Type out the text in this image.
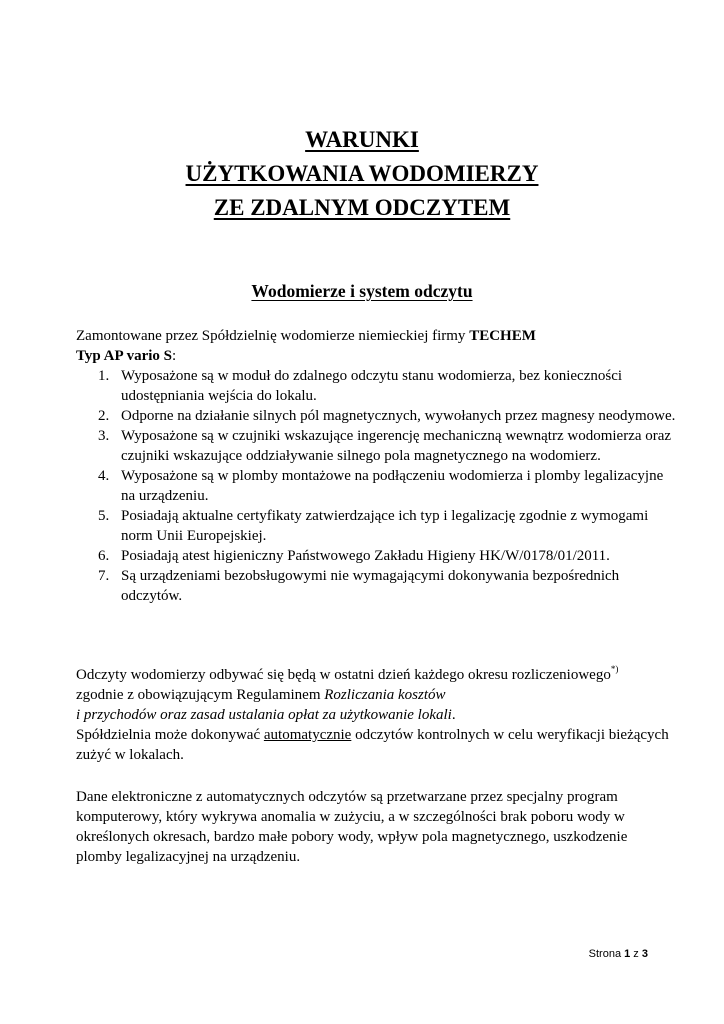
WARUNKI
UŻYTKOWANIA WODOMIERZY
ZE ZDALNYM ODCZYTEM
Wodomierze i system odczytu
Zamontowane przez Spółdzielnię wodomierze niemieckiej firmy TECHEM
Typ AP vario S:
1. Wyposażone są w moduł do zdalnego odczytu stanu wodomierza, bez konieczności udostępniania wejścia do lokalu.
2. Odporne na działanie silnych pól magnetycznych, wywołanych przez magnesy neodymowe.
3. Wyposażone są w czujniki wskazujące ingerencję mechaniczną wewnątrz wodomierza oraz czujniki wskazujące oddziaływanie silnego pola magnetycznego na wodomierz.
4. Wyposażone są w plomby montażowe na podłączeniu wodomierza i plomby legalizacyjne na urządzeniu.
5. Posiadają aktualne certyfikaty zatwierdzające ich typ i legalizację zgodnie z wymogami norm Unii Europejskiej.
6. Posiadają atest higieniczny Państwowego Zakładu Higieny HK/W/0178/01/2011.
7. Są urządzeniami bezobsługowymi nie wymagającymi dokonywania bezpośrednich odczytów.
Odczyty wodomierzy odbywać się będą w ostatni dzień każdego okresu rozliczeniowego*)
zgodnie z obowiązującym Regulaminem Rozliczania kosztów
i przychodów oraz zasad ustalania opłat za użytkowanie lokali.
Spółdzielnia może dokonywać automatycznie odczytów kontrolnych w celu weryfikacji bieżących zużyć w lokalach.
Dane elektroniczne z automatycznych odczytów są przetwarzane przez specjalny program komputerowy, który wykrywa anomalia w zużyciu, a w szczególności brak poboru wody w określonych okresach, bardzo małe pobory wody, wpływ pola magnetycznego, uszkodzenie plomby legalizacyjnej na urządzeniu.
Strona 1 z 3
